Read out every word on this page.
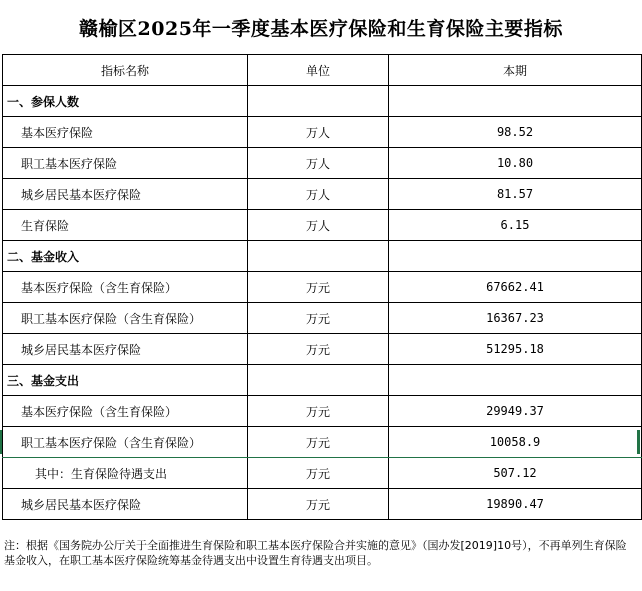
赣榆区2025年一季度基本医疗保险和生育保险主要指标
指标名称	单位	本期
一、参保人数		
基本医疗保险	万人	98.52
职工基本医疗保险	万人	10.80
城乡居民基本医疗保险	万人	81.57
生育保险	万人	6.15
二、基金收入		
基本医疗保险（含生育保险）	万元	67662.41
职工基本医疗保险（含生育保险）	万元	16367.23
城乡居民基本医疗保险	万元	51295.18
三、基金支出		
基本医疗保险（含生育保险）	万元	29949.37
职工基本医疗保险（含生育保险）	万元	10058.9
其中：生育保险待遇支出	万元	507.12
城乡居民基本医疗保险	万元	19890.47
注：根据《国务院办公厅关于全面推进生育保险和职工基本医疗保险合并实施的意见》（国办发[2019]10号），不再单列生育保险基金收入，在职工基本医疗保险统筹基金待遇支出中设置生育待遇支出项目。
